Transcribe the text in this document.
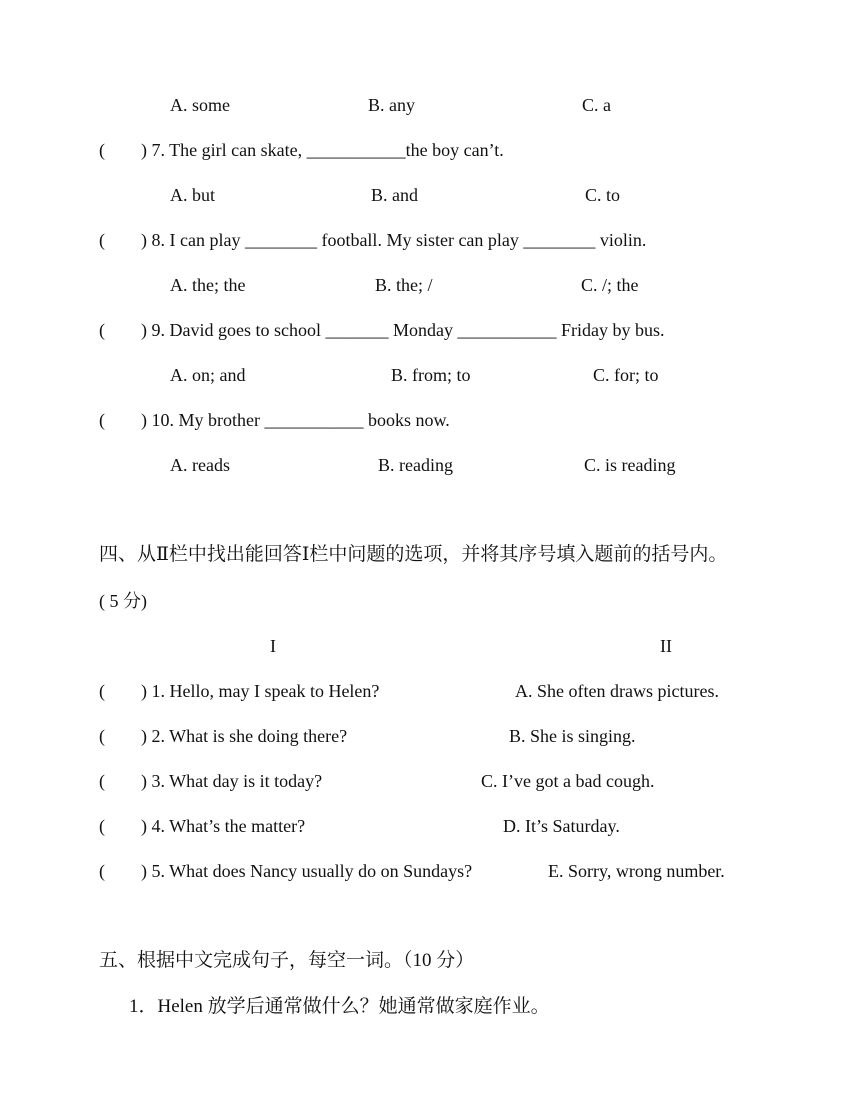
A. some	B. any	C. a
(        ) 7. The girl can skate, ___________the boy can’t.
A. but	B. and	C. to
(        ) 8. I can play ________ football. My sister can play ________ violin.
A. the; the	B. the; /	C. /; the
(        ) 9. David goes to school _______ Monday ___________ Friday by bus.
A. on; and	B. from; to	C. for; to
(        ) 10. My brother ___________ books now.
A. reads	B. reading	C. is reading
四、从Ⅱ栏中找出能回答Ⅰ栏中问题的选项，并将其序号填入题前的括号内。
( 5 分)
I	II
(        ) 1. Hello, may I speak to Helen?	A. She often draws pictures.
(        ) 2. What is she doing there?	B. She is singing.
(        ) 3. What day is it today?	C. I’ve got a bad cough.
(        ) 4. What’s the matter?	D. It’s Saturday.
(        ) 5. What does Nancy usually do on Sundays?	E. Sorry, wrong number.
五、根据中文完成句子，每空一词。（10 分）
1．Helen 放学后通常做什么？她通常做家庭作业。
